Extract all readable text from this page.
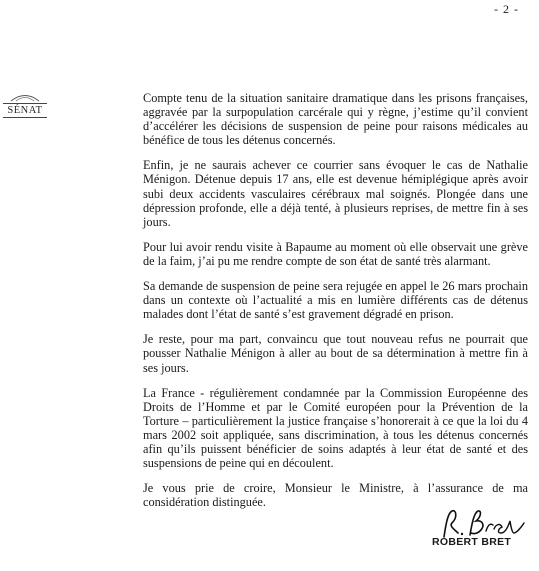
- 2 -
SÉNAT

Compte tenu de la situation sanitaire dramatique dans les prisons françaises, aggravée par la surpopulation carcérale qui y règne, j’estime qu’il convient d’accélérer les décisions de suspension de peine pour raisons médicales au bénéfice de tous les détenus concernés.

Enfin, je ne saurais achever ce courrier sans évoquer le cas de Nathalie Ménigon. Détenue depuis 17 ans, elle est devenue hémiplégique après avoir subi deux accidents vasculaires cérébraux mal soignés. Plongée dans une dépression profonde, elle a déjà tenté, à plusieurs reprises, de mettre fin à ses jours.

Pour lui avoir rendu visite à Bapaume au moment où elle observait une grève de la faim, j’ai pu me rendre compte de son état de santé très alarmant.

Sa demande de suspension de peine sera rejugée en appel le 26 mars prochain dans un contexte où l’actualité a mis en lumière différents cas de détenus malades dont l’état de santé s’est gravement dégradé en prison.

Je reste, pour ma part, convaincu que tout nouveau refus ne pourrait que pousser Nathalie Ménigon à aller au bout de sa détermination à mettre fin à ses jours.

La France - régulièrement condamnée par la Commission Européenne des Droits de l’Homme et par le Comité européen pour la Prévention de la Torture – particulièrement la justice française s’honorerait à ce que la loi du 4 mars 2002 soit appliquée, sans discrimination, à tous les détenus concernés afin qu’ils puissent bénéficier de soins adaptés à leur état de santé et des suspensions de peine qui en découlent.

Je vous prie de croire, Monsieur le Ministre, à l’assurance de ma considération distinguée.

ROBERT BRET
